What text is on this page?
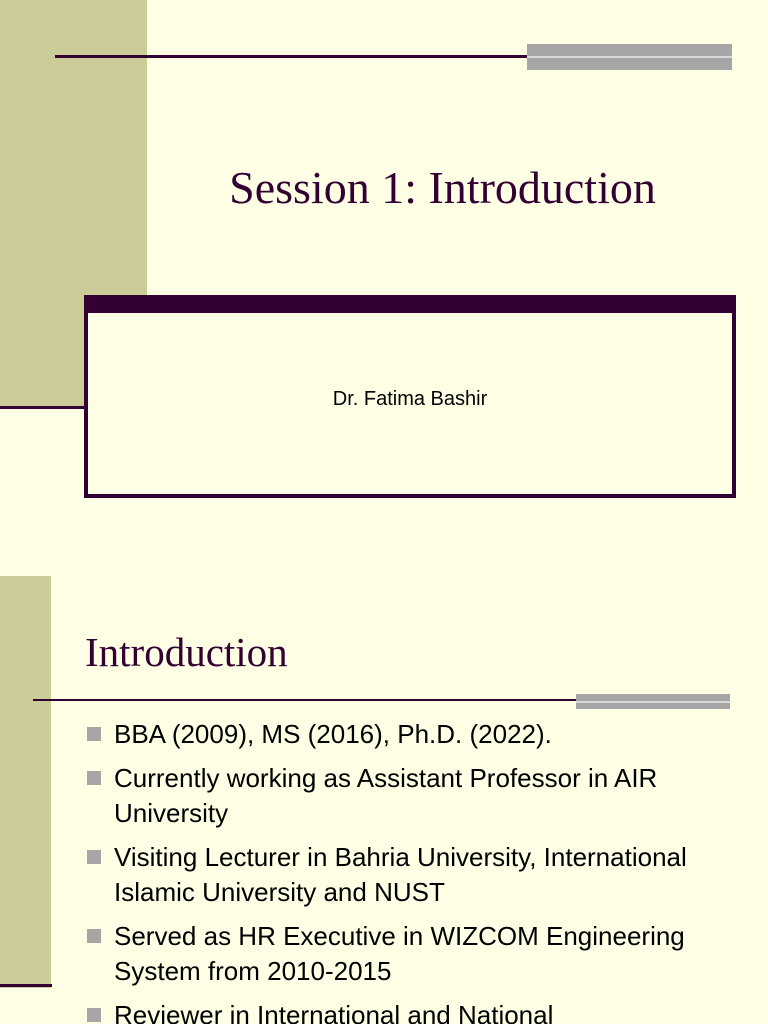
Session 1: Introduction
Dr. Fatima Bashir
Introduction
BBA (2009), MS (2016), Ph.D. (2022).
Currently working as Assistant Professor in AIR University
Visiting Lecturer in Bahria University, International Islamic University and NUST
Served as HR Executive in WIZCOM Engineering System from 2010-2015
Reviewer in International and National
